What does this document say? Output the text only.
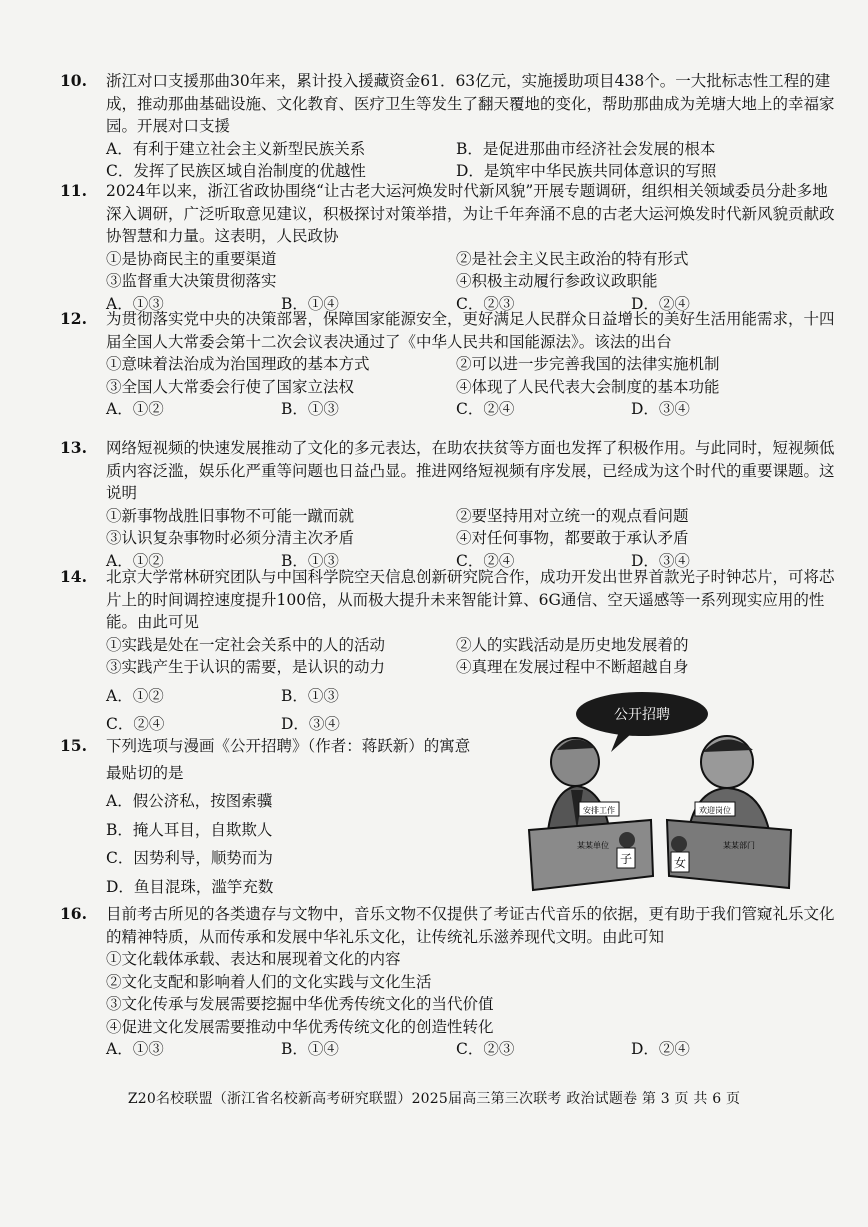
10. 浙江对口支援那曲30年来，累计投入援藏资金61．63亿元，实施援助项目438个。一大批标志性工程的建成，推动那曲基础设施、文化教育、医疗卫生等发生了翻天覆地的变化，帮助那曲成为羌塘大地上的幸福家园。开展对口支援
A．有利于建立社会主义新型民族关系	B．是促进那曲市经济社会发展的根本
C．发挥了民族区域自治制度的优越性	D．是筑牢中华民族共同体意识的写照
11. 2024年以来，浙江省政协围绕“让古老大运河焕发时代新风貌”开展专题调研，组织相关领域委员分赴多地深入调研，广泛听取意见建议，积极探讨对策举措，为让千年奔涌不息的古老大运河焕发时代新风貌贡献政协智慧和力量。这表明，人民政协
①是协商民主的重要渠道	②是社会主义民主政治的特有形式
③监督重大决策贯彻落实	④积极主动履行参政议政职能
A．①③	B．①④	C．②③	D．②④
12. 为贯彻落实党中央的决策部署，保障国家能源安全，更好满足人民群众日益增长的美好生活用能需求，十四届全国人大常委会第十二次会议表决通过了《中华人民共和国能源法》。该法的出台
①意味着法治成为治国理政的基本方式	②可以进一步完善我国的法律实施机制
③全国人大常委会行使了国家立法权	④体现了人民代表大会制度的基本功能
A．①②	B．①③	C．②④	D．③④
13. 网络短视频的快速发展推动了文化的多元表达，在助农扶贫等方面也发挥了积极作用。与此同时，短视频低质内容泛滥，娱乐化严重等问题也日益凸显。推进网络短视频有序发展，已经成为这个时代的重要课题。这说明
①新事物战胜旧事物不可能一蹴而就	②要坚持用对立统一的观点看问题
③认识复杂事物时必须分清主次矛盾	④对任何事物，都要敢于承认矛盾
A．①②	B．①③	C．②④	D．③④
14. 北京大学常林研究团队与中国科学院空天信息创新研究院合作，成功开发出世界首款光子时钟芯片，可将芯片上的时间调控速度提升100倍，从而极大提升未来智能计算、6G通信、空天遥感等一系列现实应用的性能。由此可见
①实践是处在一定社会关系中的人的活动	②人的实践活动是历史地发展着的
③实践产生于认识的需要，是认识的动力	④真理在发展过程中不断超越自身
A．①②	B．①③
C．②④	D．③④
15. 下列选项与漫画《公开招聘》（作者：蒋跃新）的寓意
最贴切的是
A．假公济私，按图索骥
B．掩人耳目，自欺欺人
C．因势利导，顺势而为
D．鱼目混珠，滥竽充数
公开招聘
安排工作	欢迎岗位
某某单位	某某部门
子	女
16. 目前考古所见的各类遗存与文物中，音乐文物不仅提供了考证古代音乐的依据，更有助于我们管窥礼乐文化的精神特质，从而传承和发展中华礼乐文化，让传统礼乐滋养现代文明。由此可知
①文化载体承载、表达和展现着文化的内容
②文化支配和影响着人们的文化实践与文化生活
③文化传承与发展需要挖掘中华优秀传统文化的当代价值
④促进文化发展需要推动中华优秀传统文化的创造性转化
A．①③	B．①④	C．②③	D．②④
Z20名校联盟（浙江省名校新高考研究联盟）2025届高三第三次联考 政治试题卷 第 3 页 共 6 页
